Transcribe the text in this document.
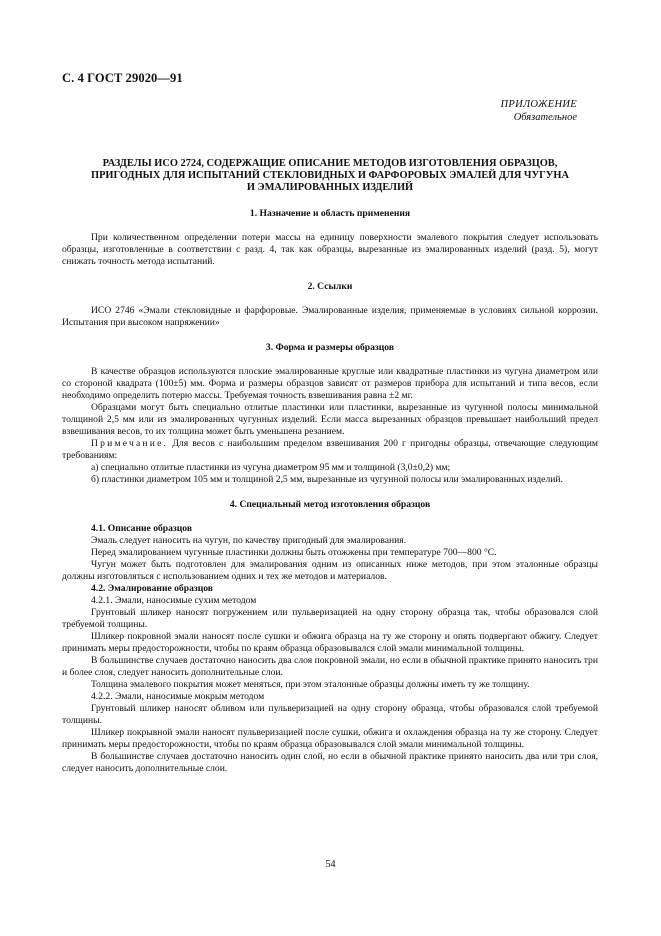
С. 4 ГОСТ 29020—91
ПРИЛОЖЕНИЕ
Обязательное
РАЗДЕЛЫ ИСО 2724, СОДЕРЖАЩИЕ ОПИСАНИЕ МЕТОДОВ ИЗГОТОВЛЕНИЯ ОБРАЗЦОВ,
ПРИГОДНЫХ ДЛЯ ИСПЫТАНИЙ СТЕКЛОВИДНЫХ И ФАРФОРОВЫХ ЭМАЛЕЙ ДЛЯ ЧУГУНА
И ЭМАЛИРОВАННЫХ ИЗДЕЛИЙ
1. Назначение и область применения

При количественном определении потери массы на единицу поверхности эмалевого покрытия следует использовать образцы, изготовленные в соответствии с разд. 4, так как образцы, вырезанные из эмалированных изделий (разд. 5), могут снижать точность метода испытаний.

2. Ссылки

ИСО 2746 «Эмали стекловидные и фарфоровые. Эмалированные изделия, применяемые в условиях сильной коррозии. Испытания при высоком напряжении»

3. Форма и размеры образцов

В качестве образцов используются плоские эмалированные круглые или квадратные пластинки из чугуна диаметром или со стороной квадрата (100±5) мм. Форма и размеры образцов зависят от размеров прибора для испытаний и типа весов, если необходимо определить потерю массы. Требуемая точность взвешивания равна ±2 мг.

Образцами могут быть специально отлитые пластинки или пластинки, вырезанные из чугунной полосы минимальной толщиной 2,5 мм или из эмалированных чугунных изделий. Если масса вырезанных образцов превышает наибольший предел взвешивания весов, то их толщина может быть уменьшена резанием.

Примечание. Для весов с наибольшим пределом взвешивания 200 г пригодны образцы, отвечающие следующим требованиям:

а) специально отлитые пластинки из чугуна диаметром 95 мм и толщиной (3,0±0,2) мм;

б) пластинки диаметром 105 мм и толщиной 2,5 мм, вырезанные из чугунной полосы или эмалированных изделий.

4. Специальный метод изготовления образцов
4.1. Описание образцов

Эмаль следует наносить на чугун, по качеству пригодный для эмалирования.

Перед эмалированием чугунные пластинки должны быть отожжены при температуре 700—800 °С.

Чугун может быть подготовлен для эмалирования одним из описанных ниже методов, при этом эталонные образцы должны изготовляться с использованием одних и тех же методов и материалов.

4.2. Эмалирование образцов

4.2.1. Эмали, наносимые сухим методом

Грунтовый шликер наносят погружением или пульверизацией на одну сторону образца так, чтобы образовался слой требуемой толщины.

Шликер покровной эмали наносят после сушки и обжига образца на ту же сторону и опять подвергают обжигу. Следует принимать меры предосторожности, чтобы по краям образца образовывался слой эмали минимальной толщины.

В большинстве случаев достаточно наносить два слоя покровной эмали, но если в обычной практике принято наносить три и более слоя, следует наносить дополнительные слои.

Толщина эмалевого покрытия может меняться, при этом эталонные образцы должны иметь ту же толщину.

4.2.2. Эмали, наносимые мокрым методом

Грунтовый шликер наносят обливом или пульверизацией на одну сторону образца, чтобы образовался слой требуемой толщины.

Шликер покрывной эмали наносят пульверизацией после сушки, обжига и охлаждения образца на ту же сторону. Следует принимать меры предосторожности, чтобы по краям образца образовывался слой эмали минимальной толщины.

В большинстве случаев достаточно наносить один слой, но если в обычной практике принято наносить два или три слоя, следует наносить дополнительные слои.

54
